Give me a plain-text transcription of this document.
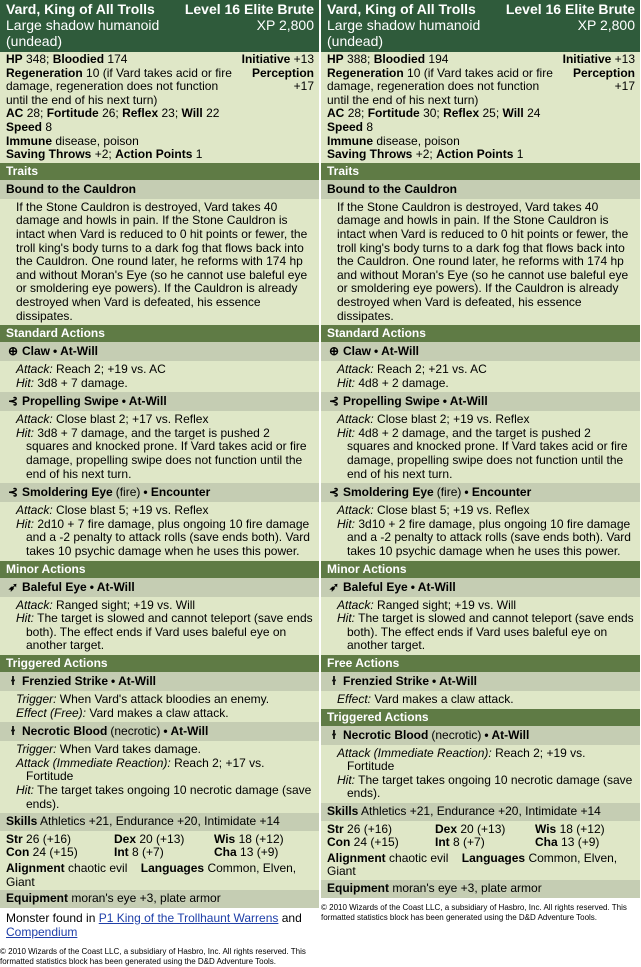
Vard, King of All Trolls Level 16 Elite Brute
Large shadow humanoid (undead)
XP 2,800
HP 348; Bloodied 174	Initiative +13
Regeneration 10 (if Vard takes acid or fire damage, regeneration does not function until the end of his next turn)
Perception
+17
AC 28; Fortitude 26; Reflex 23; Will 22
Speed 8
Immune disease, poison
Saving Throws +2; Action Points 1
Traits
Bound to the Cauldron
If the Stone Cauldron is destroyed, Vard takes 40 damage and howls in pain. If the Stone Cauldron is intact when Vard is reduced to 0 hit points or fewer, the troll king's body turns to a dark fog that flows back into the Cauldron. One round later, he reforms with 174 hp and without Moran's Eye (so he cannot use baleful eye or smoldering eye powers). If the Cauldron is already destroyed when Vard is defeated, his essence dissipates.
Standard Actions
⊕ Claw • At-Will
Attack: Reach 2; +19 vs. AC
Hit: 3d8 + 7 damage.
⊰ Propelling Swipe • At-Will
Attack: Close blast 2; +17 vs. Reflex
Hit: 3d8 + 7 damage, and the target is pushed 2 squares and knocked prone. If Vard takes acid or fire damage, propelling swipe does not function until the end of his next turn.
⊰ Smoldering Eye (fire) • Encounter
Attack: Close blast 5; +19 vs. Reflex
Hit: 2d10 + 7 fire damage, plus ongoing 10 fire damage and a -2 penalty to attack rolls (save ends both). Vard takes 10 psychic damage when he uses this power.
Minor Actions
➶ Baleful Eye • At-Will
Attack: Ranged sight; +19 vs. Will
Hit: The target is slowed and cannot teleport (save ends both). The effect ends if Vard uses baleful eye on another target.
Triggered Actions
ɫ Frenzied Strike • At-Will
Trigger: When Vard's attack bloodies an enemy.
Effect (Free): Vard makes a claw attack.
ɫ Necrotic Blood (necrotic) • At-Will
Trigger: When Vard takes damage.
Attack (Immediate Reaction): Reach 2; +17 vs. Fortitude
Hit: The target takes ongoing 10 necrotic damage (save ends).
Skills Athletics +21, Endurance +20, Intimidate +14
Str 26 (+16)	Dex 20 (+13)	Wis 18 (+12)
Con 24 (+15)	Int 8 (+7)	Cha 13 (+9)
Alignment chaotic evil Languages Common, Elven, Giant
Equipment moran's eye +3, plate armor
Monster found in P1 King of the Trollhaunt Warrens and Compendium
© 2010 Wizards of the Coast LLC, a subsidiary of Hasbro, Inc. All rights reserved. This formatted statistics block has been generated using the D&D Adventure Tools.
Vard, King of All Trolls Level 16 Elite Brute
Large shadow humanoid (undead)
XP 2,800
HP 388; Bloodied 194	Initiative +13
Regeneration 10 (if Vard takes acid or fire damage, regeneration does not function until the end of his next turn)
Perception
+17
AC 28; Fortitude 30; Reflex 25; Will 24
Speed 8
Immune disease, poison
Saving Throws +2; Action Points 1
Traits
Bound to the Cauldron
If the Stone Cauldron is destroyed, Vard takes 40 damage and howls in pain. If the Stone Cauldron is intact when Vard is reduced to 0 hit points or fewer, the troll king's body turns to a dark fog that flows back into the Cauldron. One round later, he reforms with 174 hp and without Moran's Eye (so he cannot use baleful eye or smoldering eye powers). If the Cauldron is already destroyed when Vard is defeated, his essence dissipates.
Standard Actions
⊕ Claw • At-Will
Attack: Reach 2; +21 vs. AC
Hit: 4d8 + 2 damage.
⊰ Propelling Swipe • At-Will
Attack: Close blast 2; +19 vs. Reflex
Hit: 4d8 + 2 damage, and the target is pushed 2 squares and knocked prone. If Vard takes acid or fire damage, propelling swipe does not function until the end of his next turn.
⊰ Smoldering Eye (fire) • Encounter
Attack: Close blast 5; +19 vs. Reflex
Hit: 3d10 + 2 fire damage, plus ongoing 10 fire damage and a -2 penalty to attack rolls (save ends both). Vard takes 10 psychic damage when he uses this power.
Minor Actions
➶ Baleful Eye • At-Will
Attack: Ranged sight; +19 vs. Will
Hit: The target is slowed and cannot teleport (save ends both). The effect ends if Vard uses baleful eye on another target.
Free Actions
ɫ Frenzied Strike • At-Will
Effect: Vard makes a claw attack.
Triggered Actions
ɫ Necrotic Blood (necrotic) • At-Will
Attack (Immediate Reaction): Reach 2; +19 vs. Fortitude
Hit: The target takes ongoing 10 necrotic damage (save ends).
Skills Athletics +21, Endurance +20, Intimidate +14
Str 26 (+16)	Dex 20 (+13)	Wis 18 (+12)
Con 24 (+15)	Int 8 (+7)	Cha 13 (+9)
Alignment chaotic evil Languages Common, Elven, Giant
Equipment moran's eye +3, plate armor
© 2010 Wizards of the Coast LLC, a subsidiary of Hasbro, Inc. All rights reserved. This formatted statistics block has been generated using the D&D Adventure Tools.
